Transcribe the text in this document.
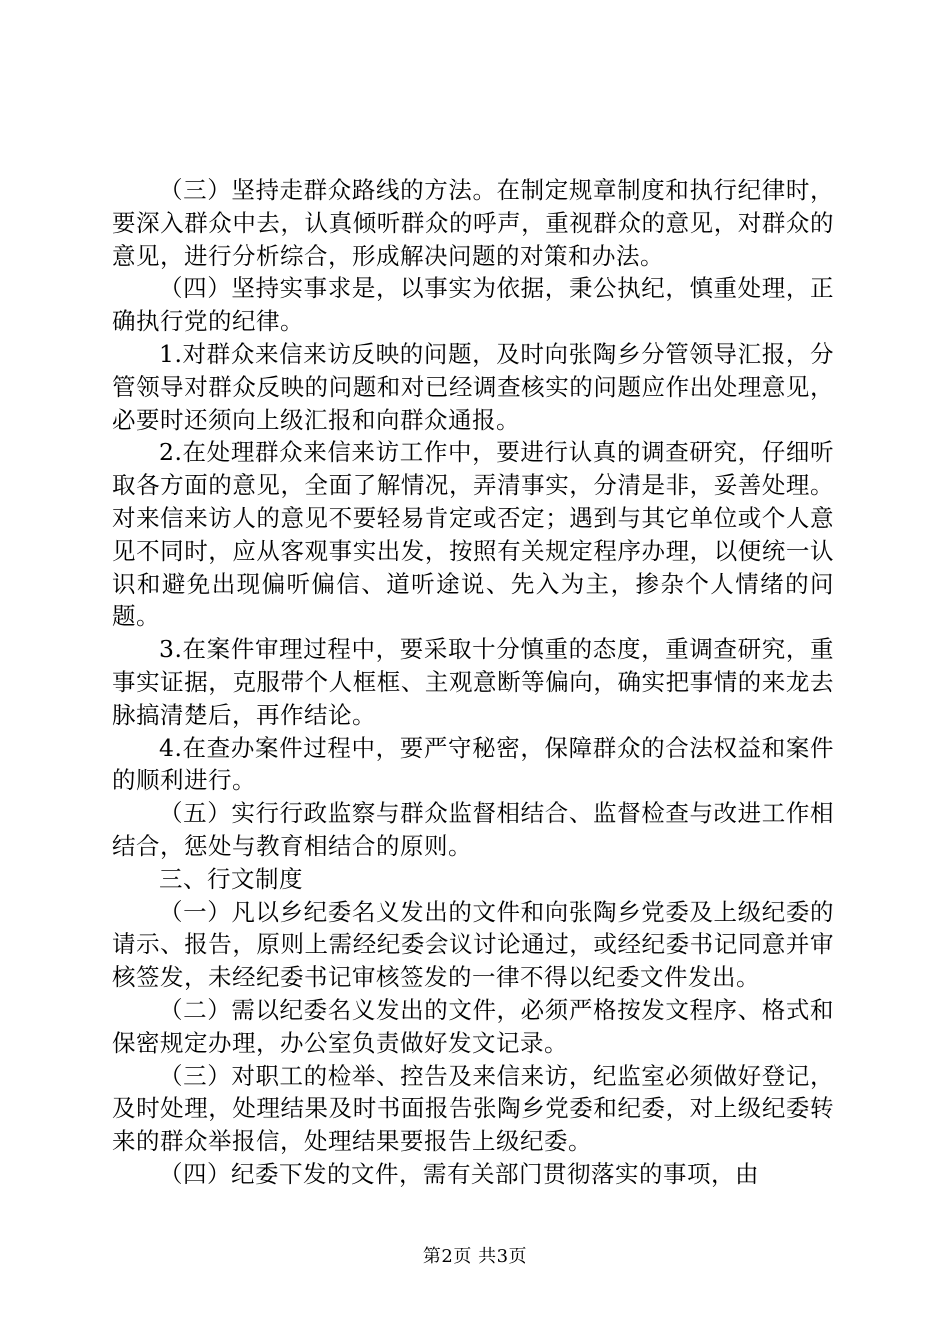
（三）坚持走群众路线的方法。在制定规章制度和执行纪律时，要深入群众中去，认真倾听群众的呼声，重视群众的意见，对群众的意见，进行分析综合，形成解决问题的对策和办法。

（四）坚持实事求是，以事实为依据，秉公执纪，慎重处理，正确执行党的纪律。

1.对群众来信来访反映的问题，及时向张陶乡分管领导汇报，分管领导对群众反映的问题和对已经调查核实的问题应作出处理意见，必要时还须向上级汇报和向群众通报。

2.在处理群众来信来访工作中，要进行认真的调查研究，仔细听取各方面的意见，全面了解情况，弄清事实，分清是非，妥善处理。对来信来访人的意见不要轻易肯定或否定；遇到与其它单位或个人意见不同时，应从客观事实出发，按照有关规定程序办理，以便统一认识和避免出现偏听偏信、道听途说、先入为主，掺杂个人情绪的问题。

3.在案件审理过程中，要采取十分慎重的态度，重调查研究，重事实证据，克服带个人框框、主观意断等偏向，确实把事情的来龙去脉搞清楚后，再作结论。

4.在查办案件过程中，要严守秘密，保障群众的合法权益和案件的顺利进行。

（五）实行行政监察与群众监督相结合、监督检查与改进工作相结合，惩处与教育相结合的原则。

三、行文制度

（一）凡以乡纪委名义发出的文件和向张陶乡党委及上级纪委的请示、报告，原则上需经纪委会议讨论通过，或经纪委书记同意并审核签发，未经纪委书记审核签发的一律不得以纪委文件发出。

（二）需以纪委名义发出的文件，必须严格按发文程序、格式和保密规定办理，办公室负责做好发文记录。

（三）对职工的检举、控告及来信来访，纪监室必须做好登记，及时处理，处理结果及时书面报告张陶乡党委和纪委，对上级纪委转来的群众举报信，处理结果要报告上级纪委。

（四）纪委下发的文件，需有关部门贯彻落实的事项，由

第2页 共3页
